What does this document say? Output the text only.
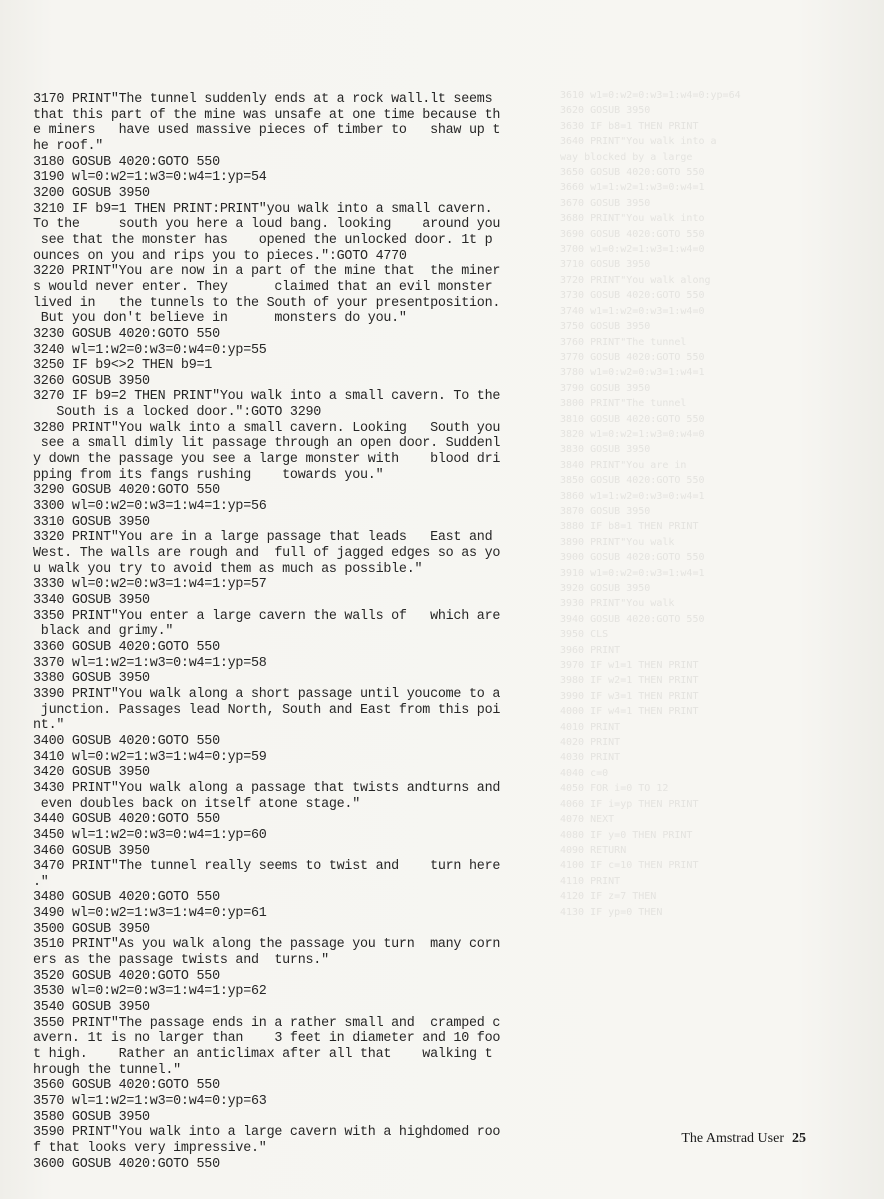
3610 w1=0:w2=0:w3=1:w4=0:yp=64
3620 GOSUB 3950
3630 IF b8=1 THEN PRINT
3640 PRINT"You walk into a
way blocked by a large
3650 GOSUB 4020:GOTO 550
3660 w1=1:w2=1:w3=0:w4=1
3670 GOSUB 3950
3680 PRINT"You walk into
3690 GOSUB 4020:GOTO 550
3700 w1=0:w2=1:w3=1:w4=0
3710 GOSUB 3950
3720 PRINT"You walk along
3730 GOSUB 4020:GOTO 550
3740 w1=1:w2=0:w3=1:w4=0
3750 GOSUB 3950
3760 PRINT"The tunnel
3770 GOSUB 4020:GOTO 550
3780 w1=0:w2=0:w3=1:w4=1
3790 GOSUB 3950
3800 PRINT"The tunnel
3810 GOSUB 4020:GOTO 550
3820 w1=0:w2=1:w3=0:w4=0
3830 GOSUB 3950
3840 PRINT"You are in
3850 GOSUB 4020:GOTO 550
3860 w1=1:w2=0:w3=0:w4=1
3870 GOSUB 3950
3880 IF b8=1 THEN PRINT
3890 PRINT"You walk
3900 GOSUB 4020:GOTO 550
3910 w1=0:w2=0:w3=1:w4=1
3920 GOSUB 3950
3930 PRINT"You walk
3940 GOSUB 4020:GOTO 550
3950 CLS
3960 PRINT
3970 IF w1=1 THEN PRINT
3980 IF w2=1 THEN PRINT
3990 IF w3=1 THEN PRINT
4000 IF w4=1 THEN PRINT
4010 PRINT
4020 PRINT
4030 PRINT
4040 c=0
4050 FOR i=0 TO 12
4060 IF i=yp THEN PRINT
4070 NEXT
4080 IF y=0 THEN PRINT
4090 RETURN
4100 IF c=10 THEN PRINT
4110 PRINT
4120 IF z=7 THEN
4130 IF yp=0 THEN
3170 PRINT"The tunnel suddenly ends at a rock wall.lt seems
that this part of the mine was unsafe at one time because th
e miners   have used massive pieces of timber to   shaw up t
he roof."
3180 GOSUB 4020:GOTO 550
3190 wl=0:w2=1:w3=0:w4=1:yp=54
3200 GOSUB 3950
3210 IF b9=1 THEN PRINT:PRINT"you walk into a small cavern.
To the     south you here a loud bang. looking    around you
see that the monster has    opened the unlocked door. 1t p
ounces on you and rips you to pieces.":GOTO 4770
3220 PRINT"You are now in a part of the mine that  the miner
s would never enter. They      claimed that an evil monster
lived in   the tunnels to the South of your presentposition.
But you don't believe in      monsters do you."
3230 GOSUB 4020:GOTO 550
3240 wl=1:w2=0:w3=0:w4=0:yp=55
3250 IF b9<>2 THEN b9=1
3260 GOSUB 3950
3270 IF b9=2 THEN PRINT"You walk into a small cavern. To the
South is a locked door.":GOTO 3290
3280 PRINT"You walk into a small cavern. Looking   South you
see a small dimly lit passage through an open door. Suddenl
y down the passage you see a large monster with    blood dri
pping from its fangs rushing    towards you."
3290 GOSUB 4020:GOTO 550
3300 wl=0:w2=0:w3=1:w4=1:yp=56
3310 GOSUB 3950
3320 PRINT"You are in a large passage that leads   East and
West. The walls are rough and  full of jagged edges so as yo
u walk you try to avoid them as much as possible."
3330 wl=0:w2=0:w3=1:w4=1:yp=57
3340 GOSUB 3950
3350 PRINT"You enter a large cavern the walls of   which are
black and grimy."
3360 GOSUB 4020:GOTO 550
3370 wl=1:w2=1:w3=0:w4=1:yp=58
3380 GOSUB 3950
3390 PRINT"You walk along a short passage until youcome to a
junction. Passages lead North, South and East from this poi
nt."
3400 GOSUB 4020:GOTO 550
3410 wl=0:w2=1:w3=1:w4=0:yp=59
3420 GOSUB 3950
3430 PRINT"You walk along a passage that twists andturns and
even doubles back on itself atone stage."
3440 GOSUB 4020:GOTO 550
3450 wl=1:w2=0:w3=0:w4=1:yp=60
3460 GOSUB 3950
3470 PRINT"The tunnel really seems to twist and    turn here
."
3480 GOSUB 4020:GOTO 550
3490 wl=0:w2=1:w3=1:w4=0:yp=61
3500 GOSUB 3950
3510 PRINT"As you walk along the passage you turn  many corn
ers as the passage twists and  turns."
3520 GOSUB 4020:GOTO 550
3530 wl=0:w2=0:w3=1:w4=1:yp=62
3540 GOSUB 3950
3550 PRINT"The passage ends in a rather small and  cramped c
avern. 1t is no larger than    3 feet in diameter and 10 foo
t high.    Rather an anticlimax after all that    walking t
hrough the tunnel."
3560 GOSUB 4020:GOTO 550
3570 wl=1:w2=1:w3=0:w4=0:yp=63
3580 GOSUB 3950
3590 PRINT"You walk into a large cavern with a highdomed roo
f that looks very impressive."
3600 GOSUB 4020:GOTO 550
The Amstrad User 25
